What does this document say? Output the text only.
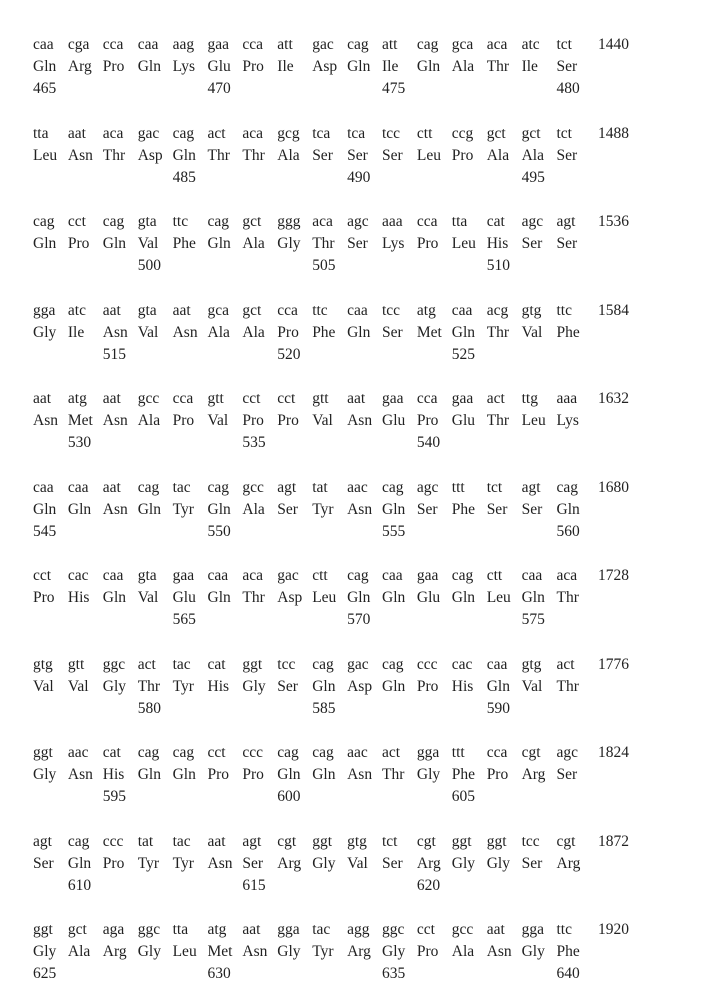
caa cga cca caa aag gaa cca att gac cag att cag gca aca atc tct
Gln Arg Pro Gln Lys Glu Pro Ile Asp Gln Ile Gln Ala Thr Ile Ser
465	470	475	480
1440
tta aat aca gac cag act aca gcg tca tca tcc ctt ccg gct gct tct
Leu Asn Thr Asp Gln Thr Thr Ala Ser Ser Ser Leu Pro Ala Ala Ser
485	490	495
1488
cag cct cag gta ttc cag gct ggg aca agc aaa cca tta cat agc agt
Gln Pro Gln Val Phe Gln Ala Gly Thr Ser Lys Pro Leu His Ser Ser
500	505	510
1536
gga atc aat gta aat gca gct cca ttc caa tcc atg caa acg gtg ttc
Gly Ile Asn Val Asn Ala Ala Pro Phe Gln Ser Met Gln Thr Val Phe
515	520	525
1584
aat atg aat gcc cca gtt cct cct gtt aat gaa cca gaa act ttg aaa
Asn Met Asn Ala Pro Val Pro Pro Val Asn Glu Pro Glu Thr Leu Lys
530	535	540
1632
caa caa aat cag tac cag gcc agt tat aac cag agc ttt tct agt cag
Gln Gln Asn Gln Tyr Gln Ala Ser Tyr Asn Gln Ser Phe Ser Ser Gln
545	550	555	560
1680
cct cac caa gta gaa caa aca gac ctt cag caa gaa cag ctt caa aca
Pro His Gln Val Glu Gln Thr Asp Leu Gln Gln Glu Gln Leu Gln Thr
565	570	575
1728
gtg gtt ggc act tac cat ggt tcc cag gac cag ccc cac caa gtg act
Val Val Gly Thr Tyr His Gly Ser Gln Asp Gln Pro His Gln Val Thr
580	585	590
1776
ggt aac cat cag cag cct ccc cag cag aac act gga ttt cca cgt agc
Gly Asn His Gln Gln Pro Pro Gln Gln Asn Thr Gly Phe Pro Arg Ser
595	600	605
1824
agt cag ccc tat tac aat agt cgt ggt gtg tct cgt ggt ggt tcc cgt
Ser Gln Pro Tyr Tyr Asn Ser Arg Gly Val Ser Arg Gly Gly Ser Arg
610	615	620
1872
ggt gct aga ggc tta atg aat gga tac agg ggc cct gcc aat gga ttc
Gly Ala Arg Gly Leu Met Asn Gly Tyr Arg Gly Pro Ala Asn Gly Phe
625	630	635	640
1920
